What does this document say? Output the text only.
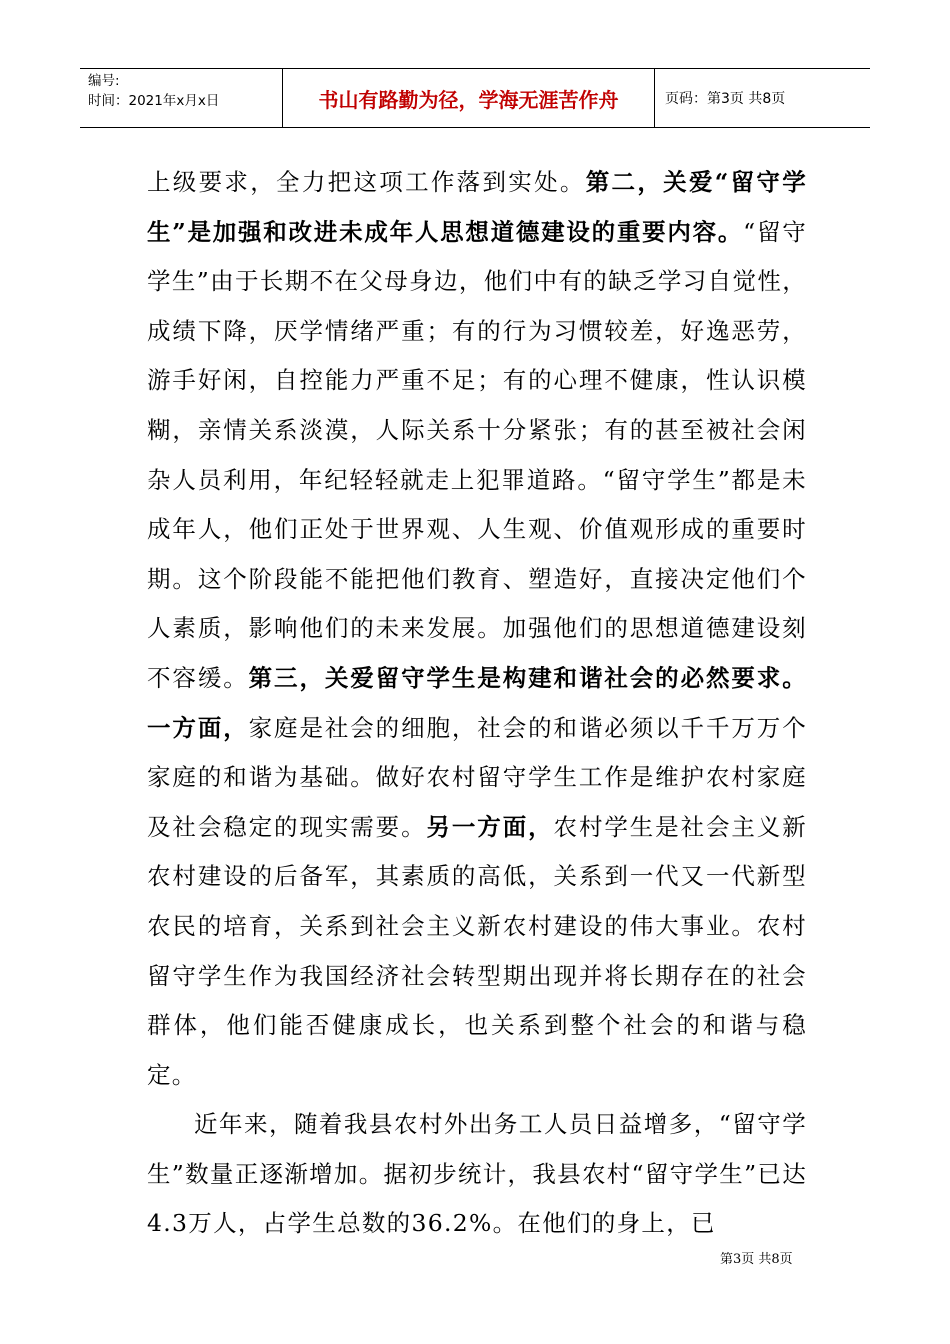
编号:
时间：2021年x月x日	书山有路勤为径，学海无涯苦作舟	页码：第3页 共8页

上级要求，全力把这项工作落到实处。第二，关爱“留守学生”是加强和改进未成年人思想道德建设的重要内容。“留守学生”由于长期不在父母身边，他们中有的缺乏学习自觉性，成绩下降，厌学情绪严重；有的行为习惯较差，好逸恶劳，游手好闲，自控能力严重不足；有的心理不健康，性认识模糊，亲情关系淡漠，人际关系十分紧张；有的甚至被社会闲杂人员利用，年纪轻轻就走上犯罪道路。“留守学生”都是未成年人，他们正处于世界观、人生观、价值观形成的重要时期。这个阶段能不能把他们教育、塑造好，直接决定他们个人素质，影响他们的未来发展。加强他们的思想道德建设刻不容缓。第三，关爱留守学生是构建和谐社会的必然要求。一方面，家庭是社会的细胞，社会的和谐必须以千千万万个家庭的和谐为基础。做好农村留守学生工作是维护农村家庭及社会稳定的现实需要。另一方面，农村学生是社会主义新农村建设的后备军，其素质的高低，关系到一代又一代新型农民的培育，关系到社会主义新农村建设的伟大事业。农村留守学生作为我国经济社会转型期出现并将长期存在的社会群体，他们能否健康成长，也关系到整个社会的和谐与稳定。

近年来，随着我县农村外出务工人员日益增多，“留守学生”数量正逐渐增加。据初步统计，我县农村“留守学生”已达4.3万人，占学生总数的36.2%。在他们的身上，已

第3页 共8页
